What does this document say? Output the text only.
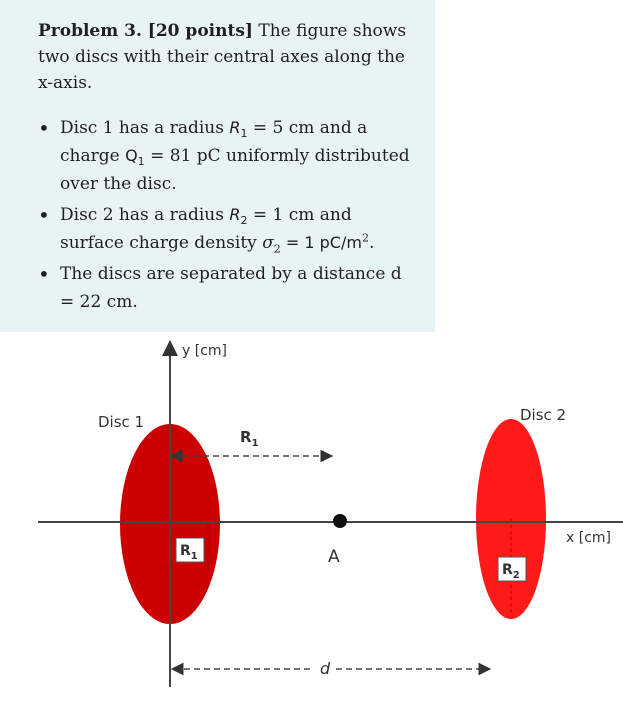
Problem 3. [20 points] The figure shows two discs with their central axes along the x-axis.
• Disc 1 has a radius $R_1 = 5$ cm and a charge $Q_1 = 81$ pC uniformly distributed over the disc.
• Disc 2 has a radius $R_2 = 1$ cm and surface charge density $\sigma_2 = 1$ $pC/m^2$.
• The discs are separated by a distance d = 22 cm.
y [cm]
x [cm]
Disc 1	Disc 2
$R_1$
$R_1$
$R_2$
A
d
